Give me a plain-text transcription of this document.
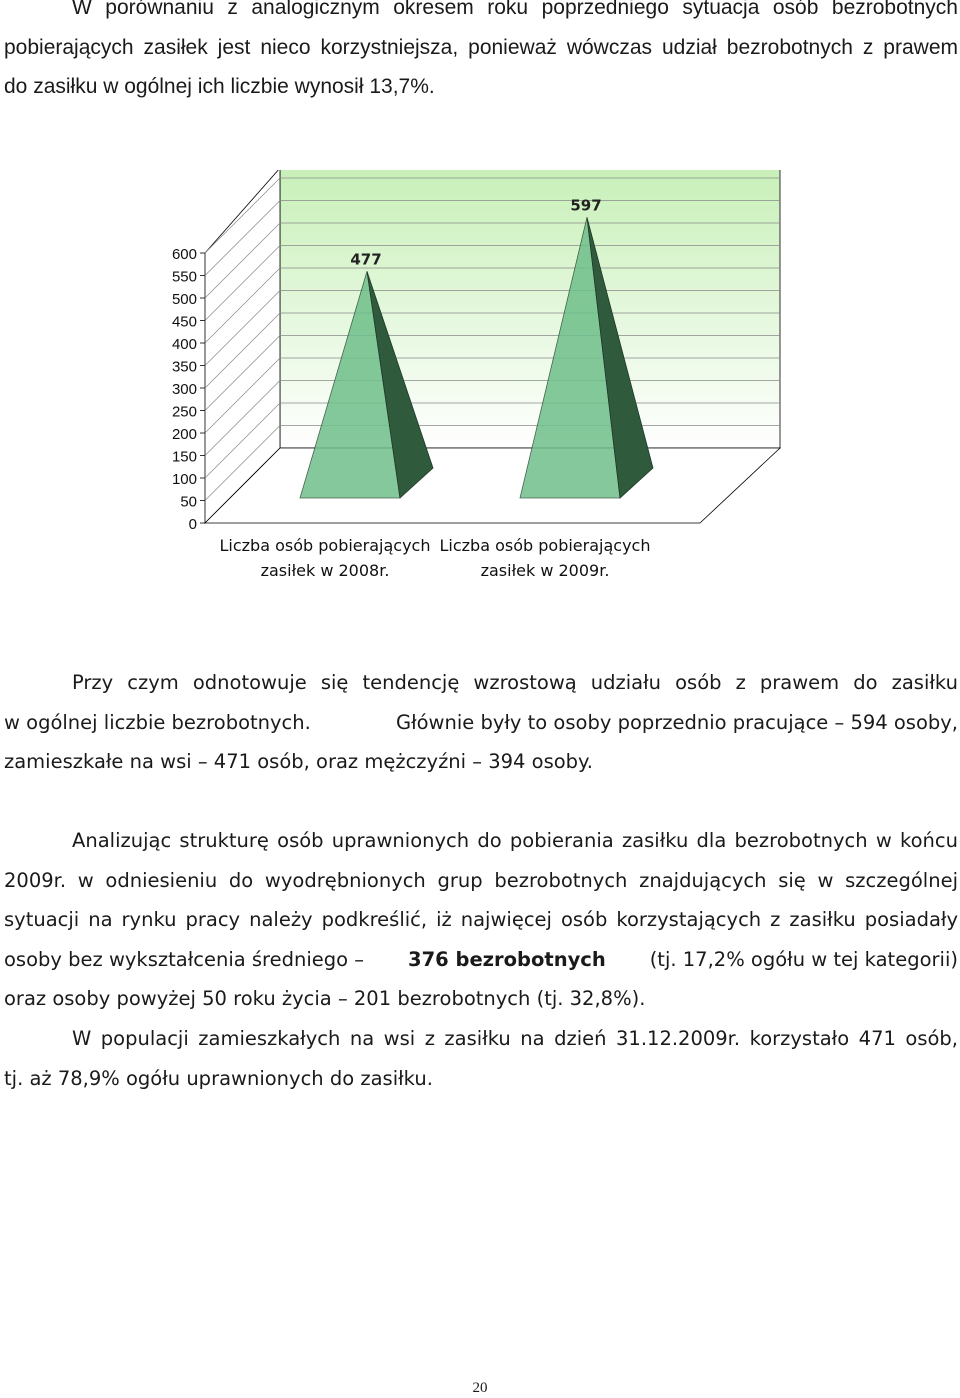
W porównaniu z analogicznym okresem roku poprzedniego sytuacja osób bezrobotnych
pobierających zasiłek jest nieco korzystniejsza, ponieważ wówczas udział bezrobotnych z prawem
do zasiłku w ogólnej ich liczbie wynosił 13,7%.
600
550
500
450
400
350
300
250
200
150
100
50
0
477
597
Liczba osób pobierających
zasiłek w 2008r.
Liczba osób pobierających
zasiłek w 2009r.
Przy czym odnotowuje się tendencję wzrostową udziału osób z prawem do zasiłku
w ogólnej liczbie bezrobotnych.	Głównie były to osoby poprzednio pracujące – 594 osoby,
zamieszkałe na wsi – 471 osób, oraz mężczyźni – 394 osoby.
Analizując strukturę osób uprawnionych do pobierania zasiłku dla bezrobotnych w końcu
2009r. w odniesieniu do wyodrębnionych grup bezrobotnych znajdujących się w szczególnej
sytuacji na rynku pracy należy podkreślić, iż najwięcej osób korzystających z zasiłku posiadały
osoby bez wykształcenia średniego – 376 bezrobotnych (tj. 17,2% ogółu w tej kategorii)
oraz osoby powyżej 50 roku życia – 201 bezrobotnych (tj. 32,8%).
W populacji zamieszkałych na wsi z zasiłku na dzień 31.12.2009r. korzystało 471 osób,
tj. aż 78,9% ogółu uprawnionych do zasiłku.
20
